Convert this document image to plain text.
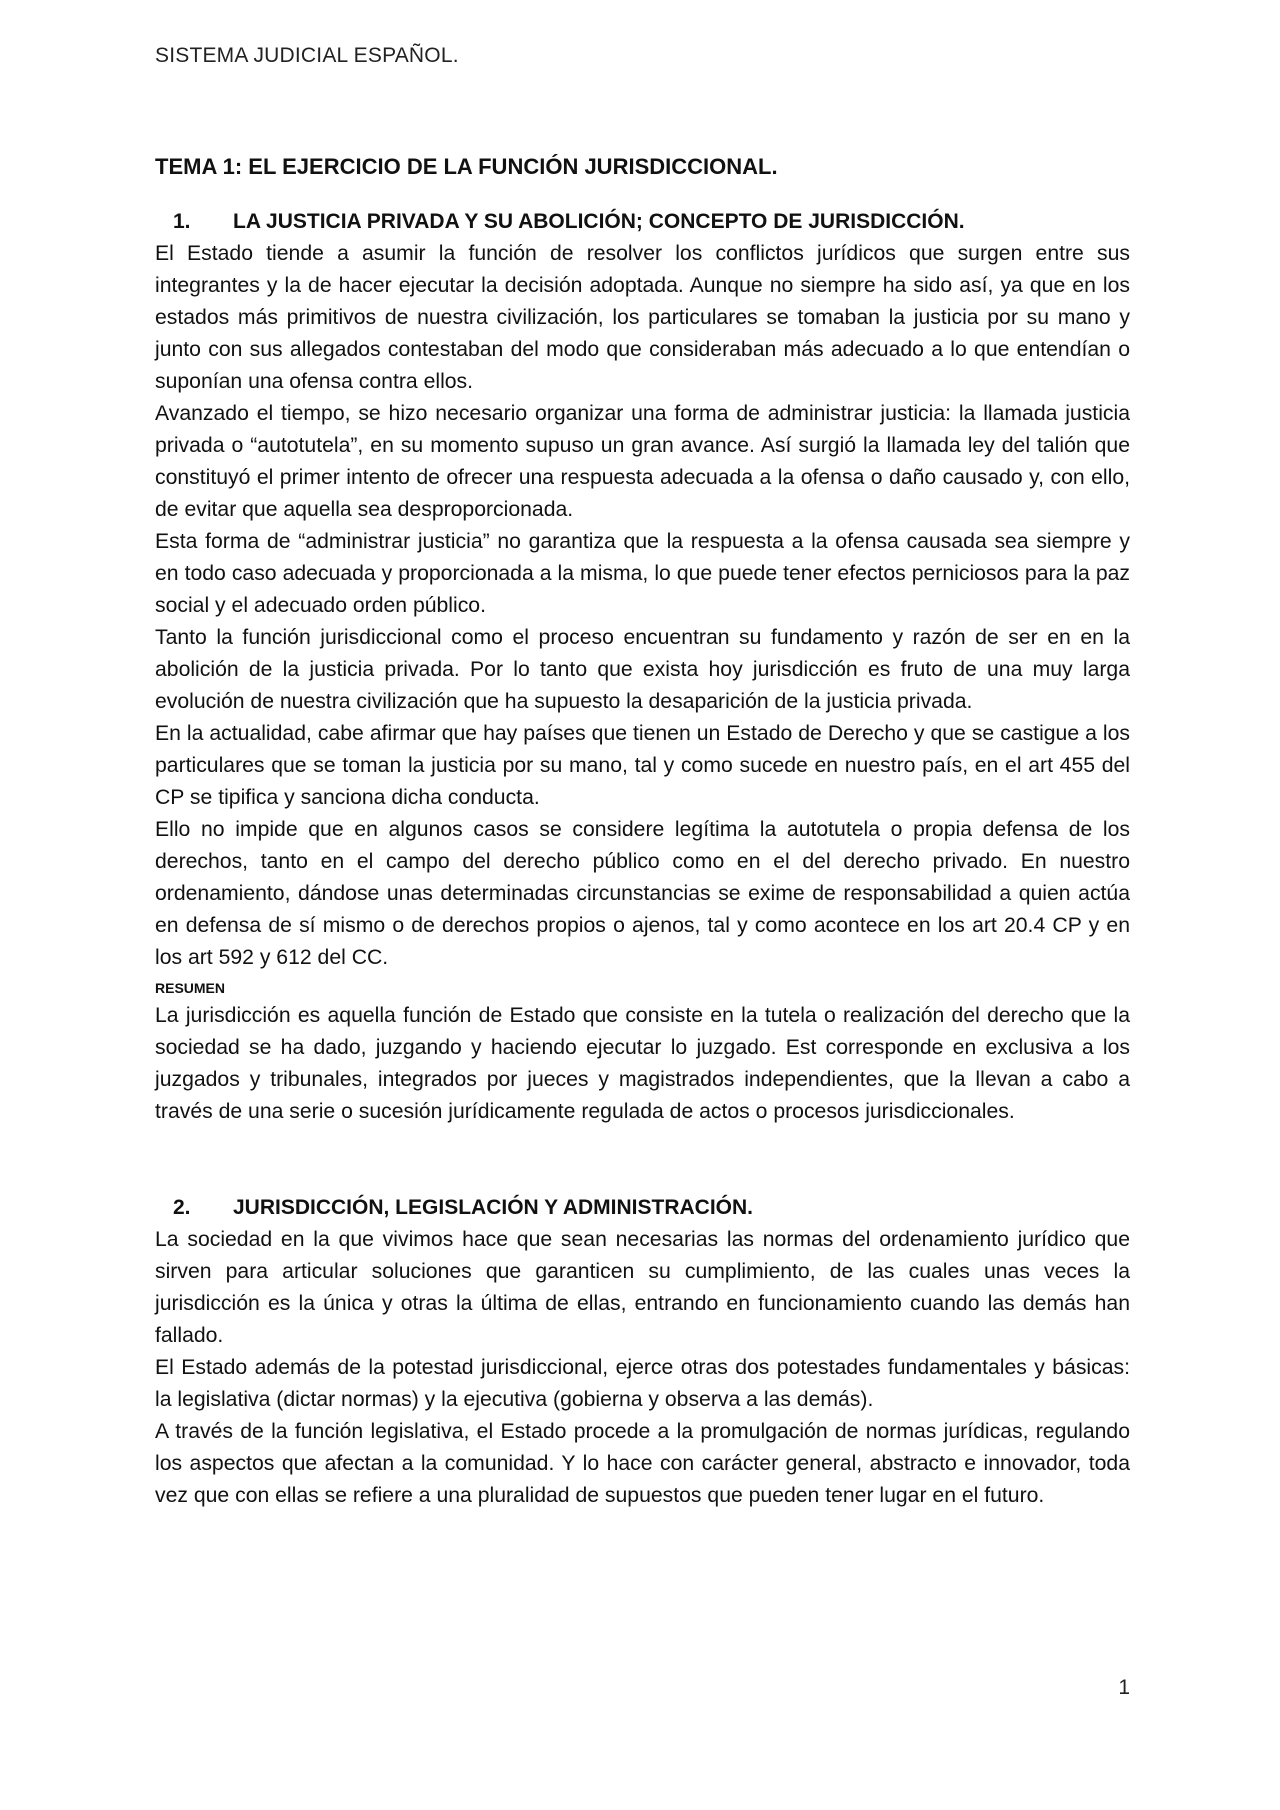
SISTEMA JUDICIAL ESPAÑOL.
TEMA 1: EL EJERCICIO DE LA FUNCIÓN JURISDICCIONAL.
1.	LA JUSTICIA PRIVADA Y SU ABOLICIÓN; CONCEPTO DE JURISDICCIÓN.

El Estado tiende a asumir la función de resolver los conflictos jurídicos que surgen entre sus integrantes y la de hacer ejecutar la decisión adoptada. Aunque no siempre ha sido así, ya que en los estados más primitivos de nuestra civilización, los particulares se tomaban la justicia por su mano y junto con sus allegados contestaban del modo que consideraban más adecuado a lo que entendían o suponían una ofensa contra ellos.

Avanzado el tiempo, se hizo necesario organizar una forma de administrar justicia: la llamada justicia privada o “autotutela”, en su momento supuso un gran avance. Así surgió la llamada ley del talión que constituyó el primer intento de ofrecer una respuesta adecuada a la ofensa o daño causado y, con ello, de evitar que aquella sea desproporcionada.

Esta forma de “administrar justicia” no garantiza que la respuesta a la ofensa causada sea siempre y en todo caso adecuada y proporcionada a la misma, lo que puede tener efectos perniciosos para la paz social y el adecuado orden público.

Tanto la función jurisdiccional como el proceso encuentran su fundamento y razón de ser en en la abolición de la justicia privada. Por lo tanto que exista hoy jurisdicción es fruto de una muy larga evolución de nuestra civilización que ha supuesto la desaparición de la justicia privada.

En la actualidad, cabe afirmar que hay países que tienen un Estado de Derecho y que se castigue a los particulares que se toman la justicia por su mano, tal y como sucede en nuestro país, en el art 455 del CP se tipifica y sanciona dicha conducta.

Ello no impide que en algunos casos se considere legítima la autotutela o propia defensa de los derechos, tanto en el campo del derecho público como en el del derecho privado. En nuestro ordenamiento, dándose unas determinadas circunstancias se exime de responsabilidad a quien actúa en defensa de sí mismo o de derechos propios o ajenos, tal y como acontece en los art 20.4 CP y en los art 592 y 612 del CC.

RESUMEN

La jurisdicción es aquella función de Estado que consiste en la tutela o realización del derecho que la sociedad se ha dado, juzgando y haciendo ejecutar lo juzgado. Est corresponde en exclusiva a los juzgados y tribunales, integrados por jueces y magistrados independientes, que la llevan a cabo a través de una serie o sucesión jurídicamente regulada de actos o procesos jurisdiccionales.

2.	JURISDICCIÓN, LEGISLACIÓN Y ADMINISTRACIÓN.

La sociedad en la que vivimos hace que sean necesarias las normas del ordenamiento jurídico que sirven para articular soluciones que garanticen su cumplimiento, de las cuales unas veces la jurisdicción es la única y otras la última de ellas, entrando en funcionamiento cuando las demás han fallado.

El Estado además de la potestad jurisdiccional, ejerce otras dos potestades fundamentales y básicas: la legislativa (dictar normas) y la ejecutiva (gobierna y observa a las demás).

A través de la función legislativa, el Estado procede a la promulgación de normas jurídicas, regulando los aspectos que afectan a la comunidad. Y lo hace con carácter general, abstracto e innovador, toda vez que con ellas se refiere a una pluralidad de supuestos que pueden tener lugar en el futuro.

1
